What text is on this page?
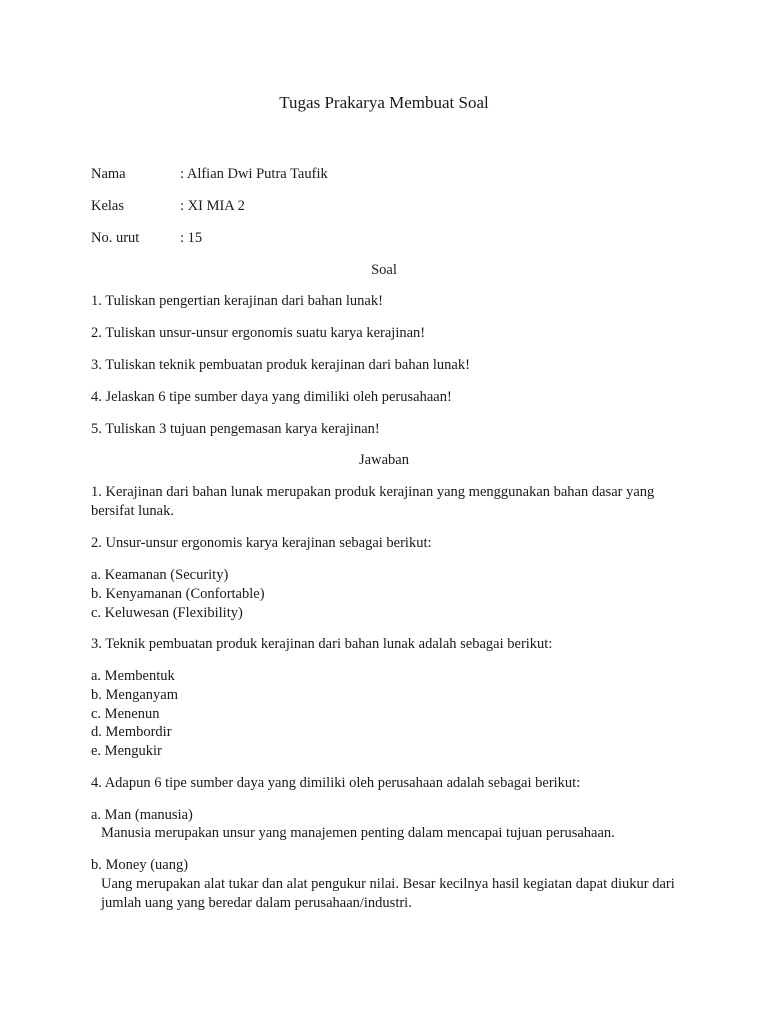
Tugas Prakarya Membuat Soal
Nama	: Alfian Dwi Putra Taufik
Kelas	: XI MIA 2
No. urut	: 15
Soal

1. Tuliskan pengertian kerajinan dari bahan lunak!

2. Tuliskan unsur-unsur ergonomis suatu karya kerajinan!

3. Tuliskan teknik pembuatan produk kerajinan dari bahan lunak!

4. Jelaskan 6 tipe sumber daya yang dimiliki oleh perusahaan!

5. Tuliskan 3 tujuan pengemasan karya kerajinan!

Jawaban

1. Kerajinan dari bahan lunak merupakan produk kerajinan yang menggunakan bahan dasar yang bersifat lunak.

2. Unsur-unsur ergonomis karya kerajinan sebagai berikut:

a. Keamanan (Security)
b. Kenyamanan (Confortable)
c. Keluwesan (Flexibility)

3. Teknik pembuatan produk kerajinan dari bahan lunak adalah sebagai berikut:

a. Membentuk
b. Menganyam
c. Menenun
d. Membordir
e. Mengukir

4. Adapun 6 tipe sumber daya yang dimiliki oleh perusahaan adalah sebagai berikut:

a. Man (manusia)

Manusia merupakan unsur yang manajemen penting dalam mencapai tujuan perusahaan.

b. Money (uang)

Uang merupakan alat tukar dan alat pengukur nilai. Besar kecilnya hasil kegiatan dapat diukur dari jumlah uang yang beredar dalam perusahaan/industri.
